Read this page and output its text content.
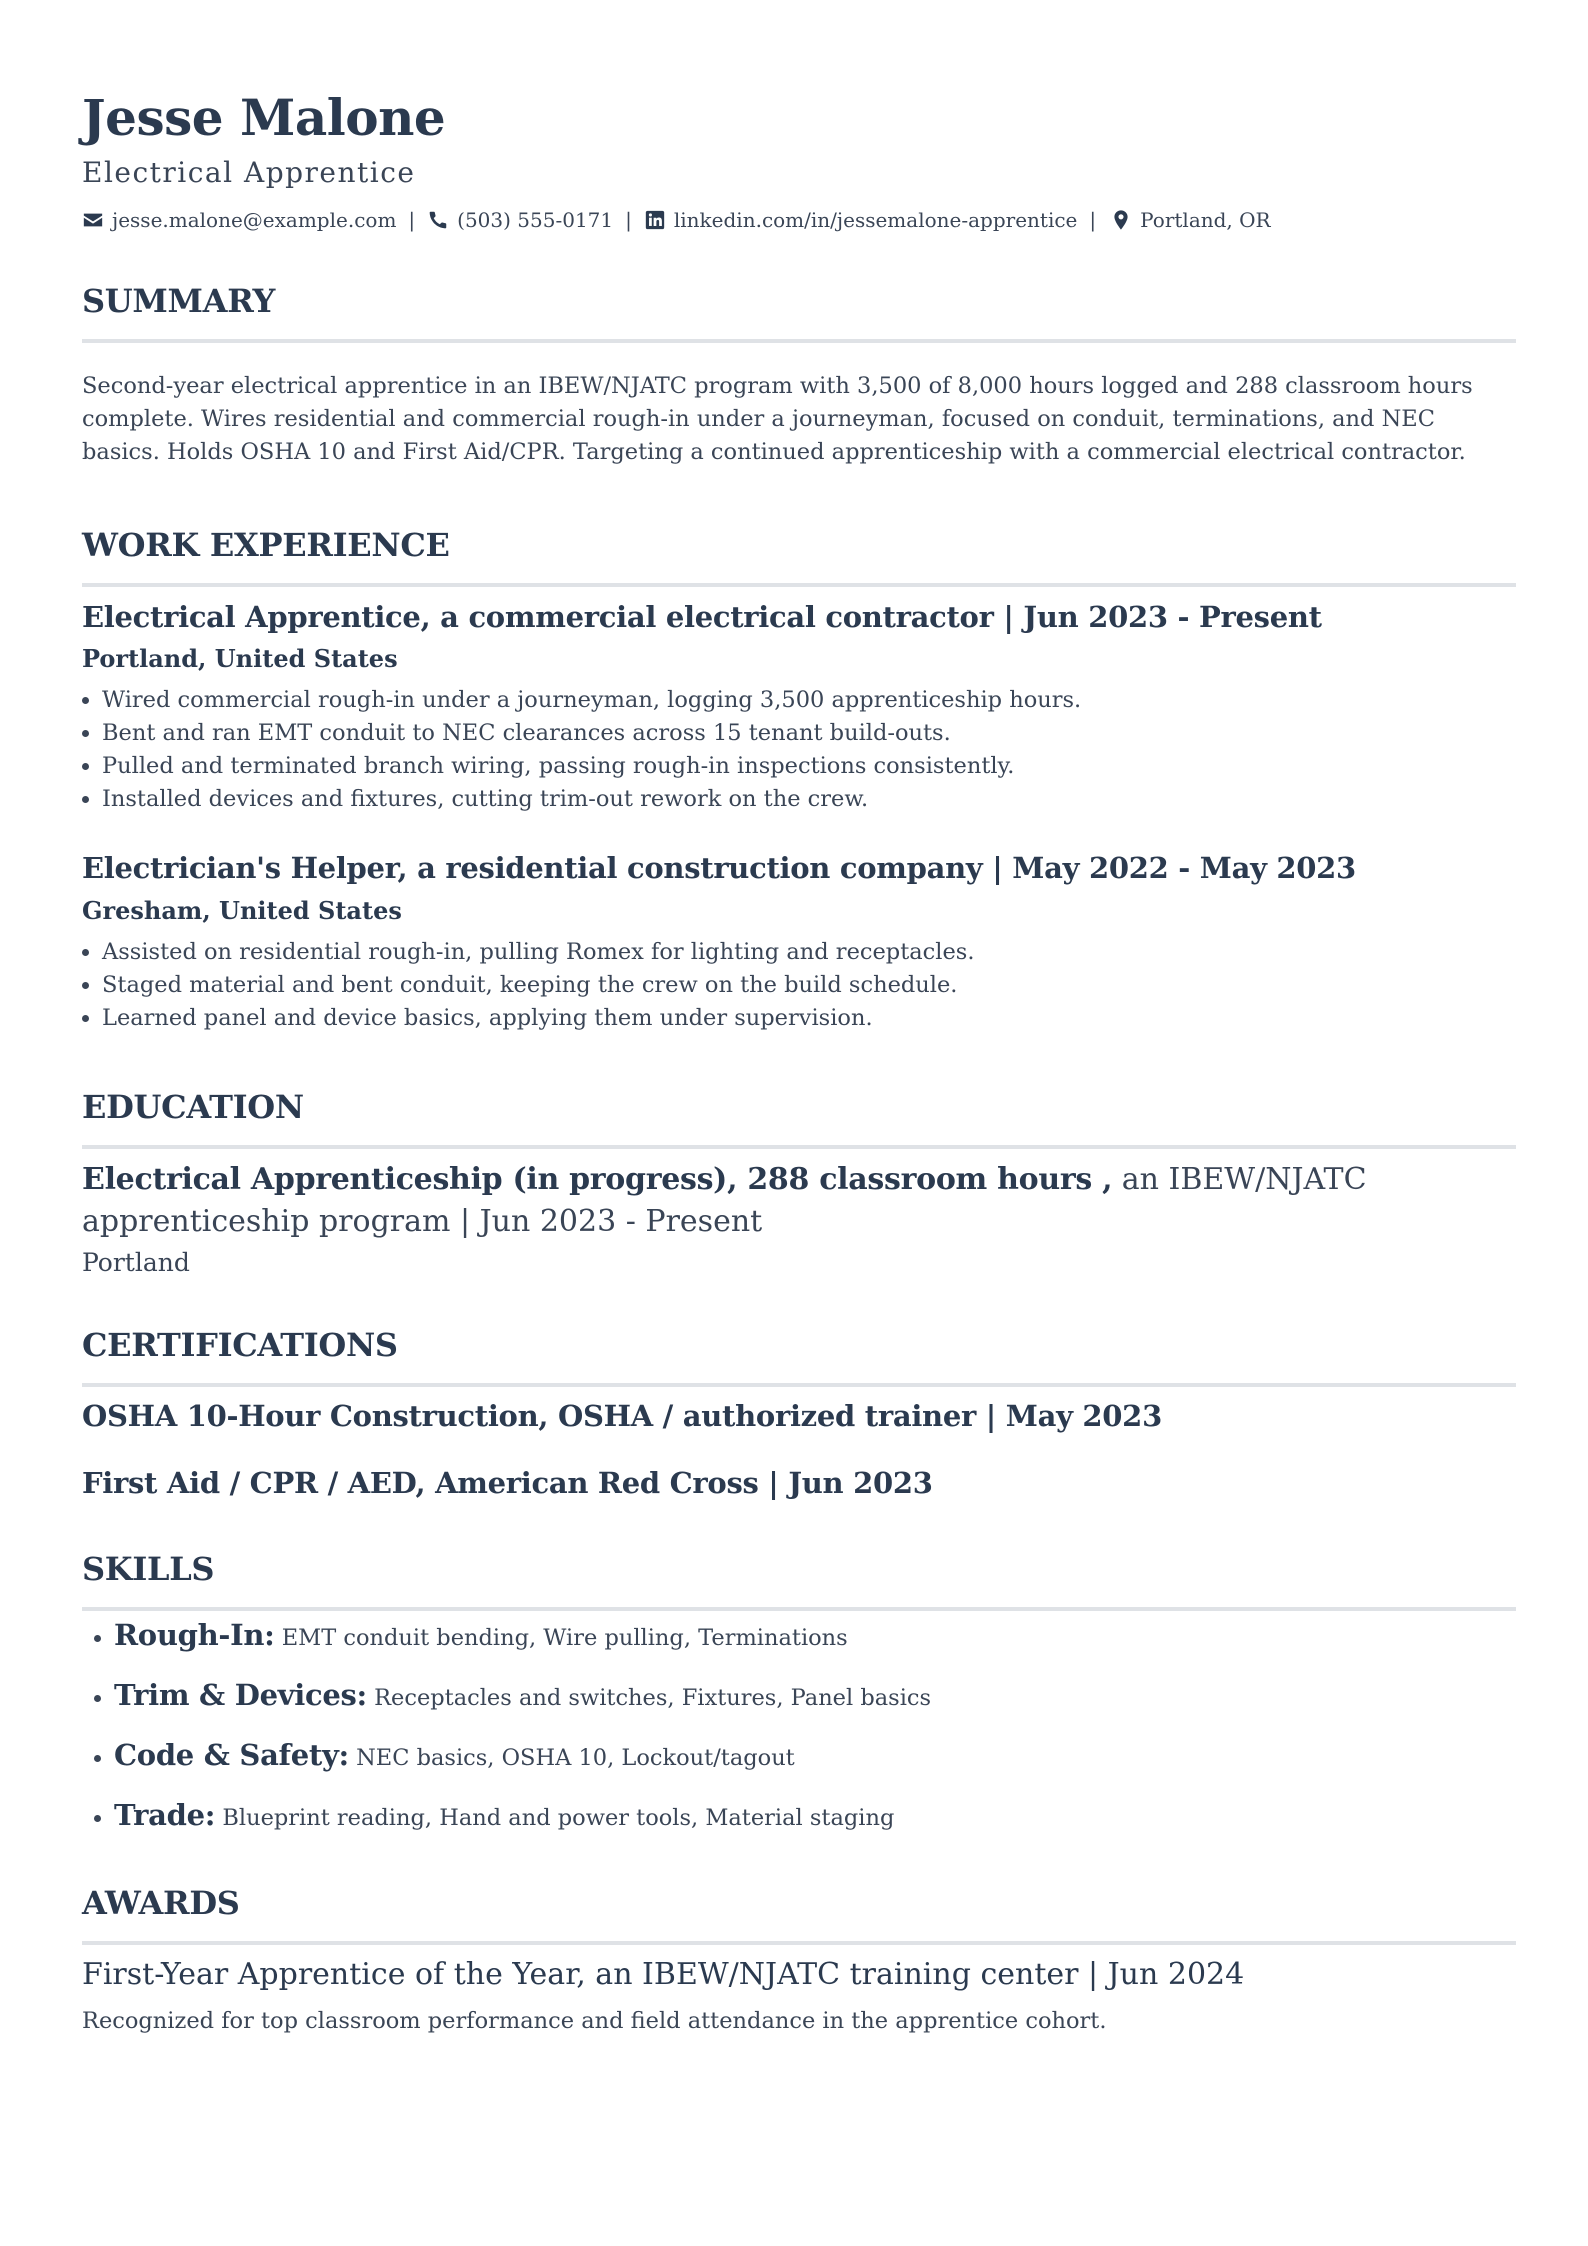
Jesse Malone

Electrical Apprentice

jesse.malone@example.com | (503) 555-0171 | linkedin.com/in/jessemalone-apprentice | Portland, OR
SUMMARY

Second-year electrical apprentice in an IBEW/NJATC program with 3,500 of 8,000 hours logged and 288 classroom hours complete. Wires residential and commercial rough-in under a journeyman, focused on conduit, terminations, and NEC basics. Holds OSHA 10 and First Aid/CPR. Targeting a continued apprenticeship with a commercial electrical contractor.

WORK EXPERIENCE
Electrical Apprentice, a commercial electrical contractor | Jun 2023 - Present

Portland, United States

• Wired commercial rough-in under a journeyman, logging 3,500 apprenticeship hours.
• Bent and ran EMT conduit to NEC clearances across 15 tenant build-outs.
• Pulled and terminated branch wiring, passing rough-in inspections consistently.
• Installed devices and fixtures, cutting trim-out rework on the crew.
Electrician's Helper, a residential construction company | May 2022 - May 2023

Gresham, United States

• Assisted on residential rough-in, pulling Romex for lighting and receptacles.
• Staged material and bent conduit, keeping the crew on the build schedule.
• Learned panel and device basics, applying them under supervision.
EDUCATION

Electrical Apprenticeship (in progress), 288 classroom hours , an IBEW/NJATC apprenticeship program | Jun 2023 - Present

Portland

CERTIFICATIONS

OSHA 10-Hour Construction, OSHA / authorized trainer | May 2023

First Aid / CPR / AED, American Red Cross | Jun 2023

SKILLS
• Rough-In: EMT conduit bending, Wire pulling, Terminations
• Trim & Devices: Receptacles and switches, Fixtures, Panel basics
• Code & Safety: NEC basics, OSHA 10, Lockout/tagout
• Trade: Blueprint reading, Hand and power tools, Material staging
AWARDS

First-Year Apprentice of the Year, an IBEW/NJATC training center | Jun 2024

Recognized for top classroom performance and field attendance in the apprentice cohort.
